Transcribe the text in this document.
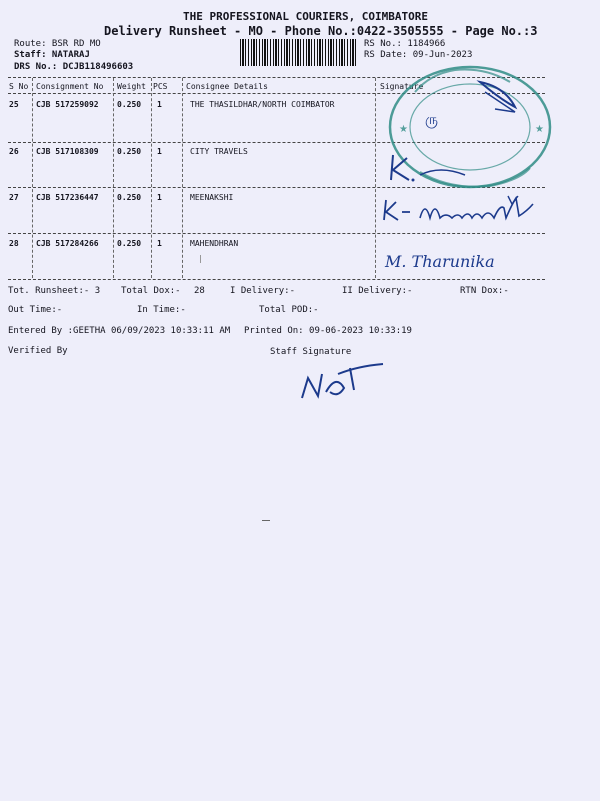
THE PROFESSIONAL COURIERS, COIMBATORE
Delivery Runsheet - MO - Phone No.:0422-3505555 - Page No.:3
Route: BSR RD MO
Staff: NATARAJ
DRS No.: DCJB118496603
RS No.: 1184966
RS Date: 09-Jun-2023
S No Consignment No Weight PCS Consignee Details	Signature
25 CJB 517259092 0.250 1	THE THASILDHAR/NORTH COIMBATOR
26 CJB 517108309 0.250 1	CITY TRAVELS
27 CJB 517236447 0.250 1	MEENAKSHI
28 CJB 517284266 0.250 1	MAHENDHRAN
★	★
ரு
M. Tharunika
Tot. Runsheet:- 3 Total Dox:- 28	I Delivery:-	II Delivery:-	RTN Dox:-
Out Time:-	In Time:-	Total POD:-
Entered By :GEETHA 06/09/2023 10:33:11 AM Printed On: 09-06-2023 10:33:19
Verified By	Staff Signature
